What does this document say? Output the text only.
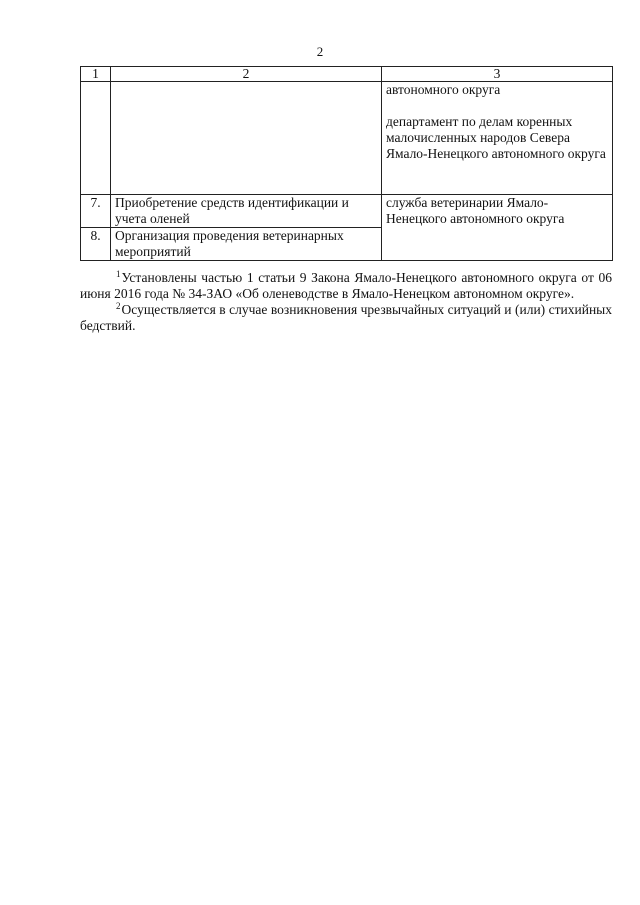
2
1	2	3

		автономного округа
департамент по делам коренных малочисленных народов Севера Ямало-Ненецкого автономного округа

7.	Приобретение средств идентификации и учета оленей	служба ветеринарии Ямало-Ненецкого автономного округа
8.	Организация проведения ветеринарных мероприятий	

$^1$Установлены частью 1 статьи 9 Закона Ямало-Ненецкого автономного округа от 06 июня 2016 года № 34-ЗАО «Об оленеводстве в Ямало-Ненецком автономном округе».

$^2$Осуществляется в случае возникновения чрезвычайных ситуаций и (или) стихийных бедствий.
